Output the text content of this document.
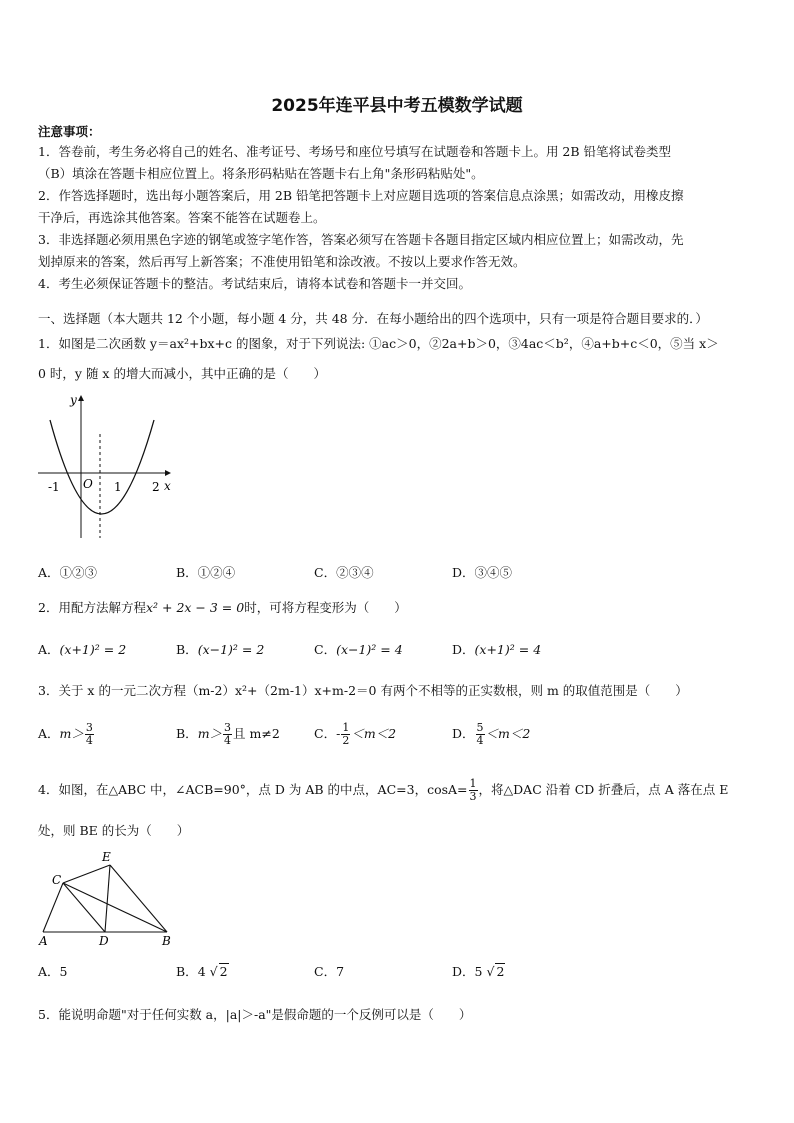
2025年连平县中考五模数学试题
注意事项：
1．答卷前，考生务必将自己的姓名、准考证号、考场号和座位号填写在试题卷和答题卡上。用 2B 铅笔将试卷类型
（B）填涂在答题卡相应位置上。将条形码粘贴在答题卡右上角"条形码粘贴处"。
2．作答选择题时，选出每小题答案后，用 2B 铅笔把答题卡上对应题目选项的答案信息点涂黑；如需改动，用橡皮擦
干净后，再选涂其他答案。答案不能答在试题卷上。
3．非选择题必须用黑色字迹的钢笔或签字笔作答，答案必须写在答题卡各题目指定区域内相应位置上；如需改动，先
划掉原来的答案，然后再写上新答案；不准使用铅笔和涂改液。不按以上要求作答无效。
4．考生必须保证答题卡的整洁。考试结束后，请将本试卷和答题卡一并交回。
一、选择题（本大题共 12 个小题，每小题 4 分，共 48 分．在每小题给出的四个选项中，只有一项是符合题目要求的．）
1．如图是二次函数 y＝ax²+bx+c 的图象，对于下列说法: ①ac＞0，②2a+b＞0，③4ac＜b²，④a+b+c＜0，⑤当 x＞
0 时，y 随 x 的增大而减小，其中正确的是（　　）
y
x
O
-1	1	2
A．①②③	B．①②④	C．②③④	D．③④⑤
2．用配方法解方程x² + 2x − 3 = 0时，可将方程变形为（　　）
A．(x+1)² = 2	B．(x−1)² = 2	C．(x−1)² = 4	D．(x+1)² = 4
3．关于 x 的一元二次方程（m-2）x²+（2m-1）x+m-2＝0 有两个不相等的正实数根，则 m 的取值范围是（　　）
A．$m> \frac{3}{4}$	B．$m> \frac{3}{4}$ 且 m≠2	C．- $\frac{1}{2} <m<2$	D． $\frac{5}{4} <m<2$
4．如图，在△ABC 中，∠ACB=90°，点 D 为 AB 的中点，AC=3，$\cos A= \frac{1}{3}$ ，将△DAC 沿着 CD 折叠后，点 A 落在点 E
处，则 BE 的长为（　　）
A	D	B
C
E
A．5	B．4 √ 2	C．7	D．5 √ 2
5．能说明命题"对于任何实数 a，|a|＞-a"是假命题的一个反例可以是（　　）
